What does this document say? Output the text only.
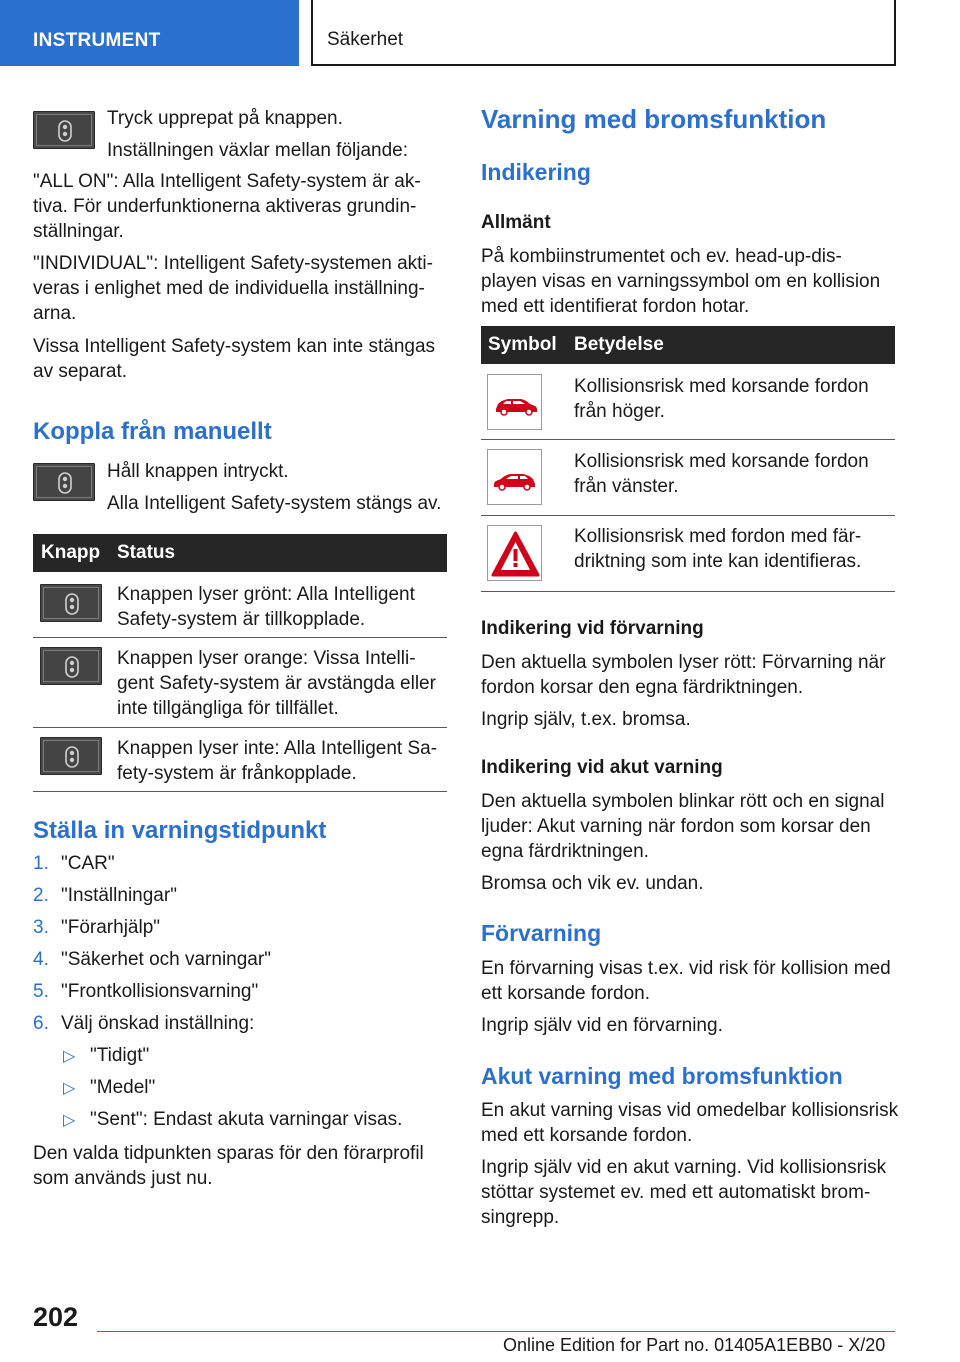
INSTRUMENT	Säkerhet

Tryck upprepat på knappen.

Inställningen växlar mellan följande:

"ALL ON": Alla Intelligent Safety-system är ak-

tiva. För underfunktionerna aktiveras grundin-

ställningar.

"INDIVIDUAL": Intelligent Safety-systemen akti-

veras i enlighet med de individuella inställning-

arna.

Vissa Intelligent Safety-system kan inte stängas

av separat.

Koppla från manuellt

Håll knappen intryckt.

Alla Intelligent Safety-system stängs av.

Knapp Status

Knappen lyser grönt: Alla Intelligent

Safety-system är tillkopplade.

Knappen lyser orange: Vissa Intelli-

gent Safety-system är avstängda eller

inte tillgängliga för tillfället.

Knappen lyser inte: Alla Intelligent Sa-

fety-system är frånkopplade.

Ställa in varningstidpunkt
1. "CAR"
2. "Inställningar"
3. "Förarhjälp"
4. "Säkerhet och varningar"
5. "Frontkollisionsvarning"
6. Välj önskad inställning:
▷ "Tidigt"
▷ "Medel"
▷ "Sent": Endast akuta varningar visas.

Den valda tidpunkten sparas för den förarprofil

som används just nu.

Varning med bromsfunktion
Indikering
Allmänt

På kombiinstrumentet och ev. head-up-dis-

playen visas en varningssymbol om en kollision

med ett identifierat fordon hotar.

Symbol Betydelse

Kollisionsrisk med korsande fordon

från höger.

Kollisionsrisk med korsande fordon

från vänster.

Kollisionsrisk med fordon med fär-

driktning som inte kan identifieras.

Indikering vid förvarning

Den aktuella symbolen lyser rött: Förvarning när

fordon korsar den egna färdriktningen.

Ingrip själv, t.ex. bromsa.

Indikering vid akut varning

Den aktuella symbolen blinkar rött och en signal

ljuder: Akut varning när fordon som korsar den

egna färdriktningen.

Bromsa och vik ev. undan.

Förvarning

En förvarning visas t.ex. vid risk för kollision med

ett korsande fordon.

Ingrip själv vid en förvarning.

Akut varning med bromsfunktion

En akut varning visas vid omedelbar kollisionsrisk

med ett korsande fordon.

Ingrip själv vid en akut varning. Vid kollisionsrisk

stöttar systemet ev. med ett automatiskt brom-

singrepp.

202
Online Edition for Part no. 01405A1EBB0 - X/20
